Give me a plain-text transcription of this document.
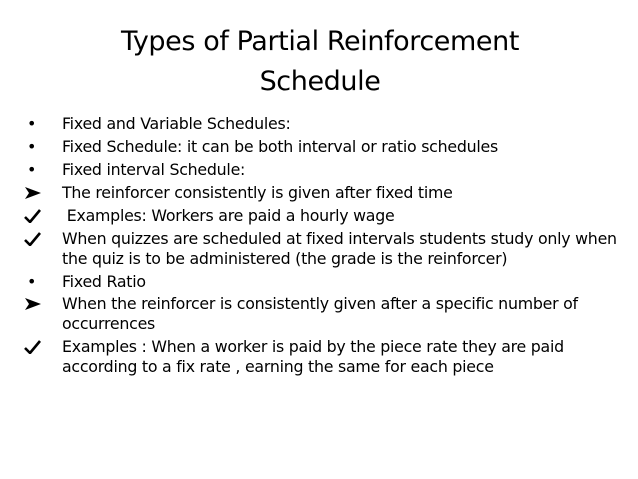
Types of Partial Reinforcement
Schedule
•	Fixed and Variable Schedules:
•	Fixed Schedule: it can be both interval or ratio schedules
•	Fixed interval Schedule:
The reinforcer consistently is given after fixed time
Examples: Workers are paid a hourly wage
When quizzes are scheduled at fixed intervals students study only when the quiz is to be administered (the grade is the reinforcer)
•	Fixed Ratio
When the reinforcer is consistently given after a specific number of occurrences
Examples : When a worker is paid by the piece rate they are paid according to a fix rate , earning the same for each piece
